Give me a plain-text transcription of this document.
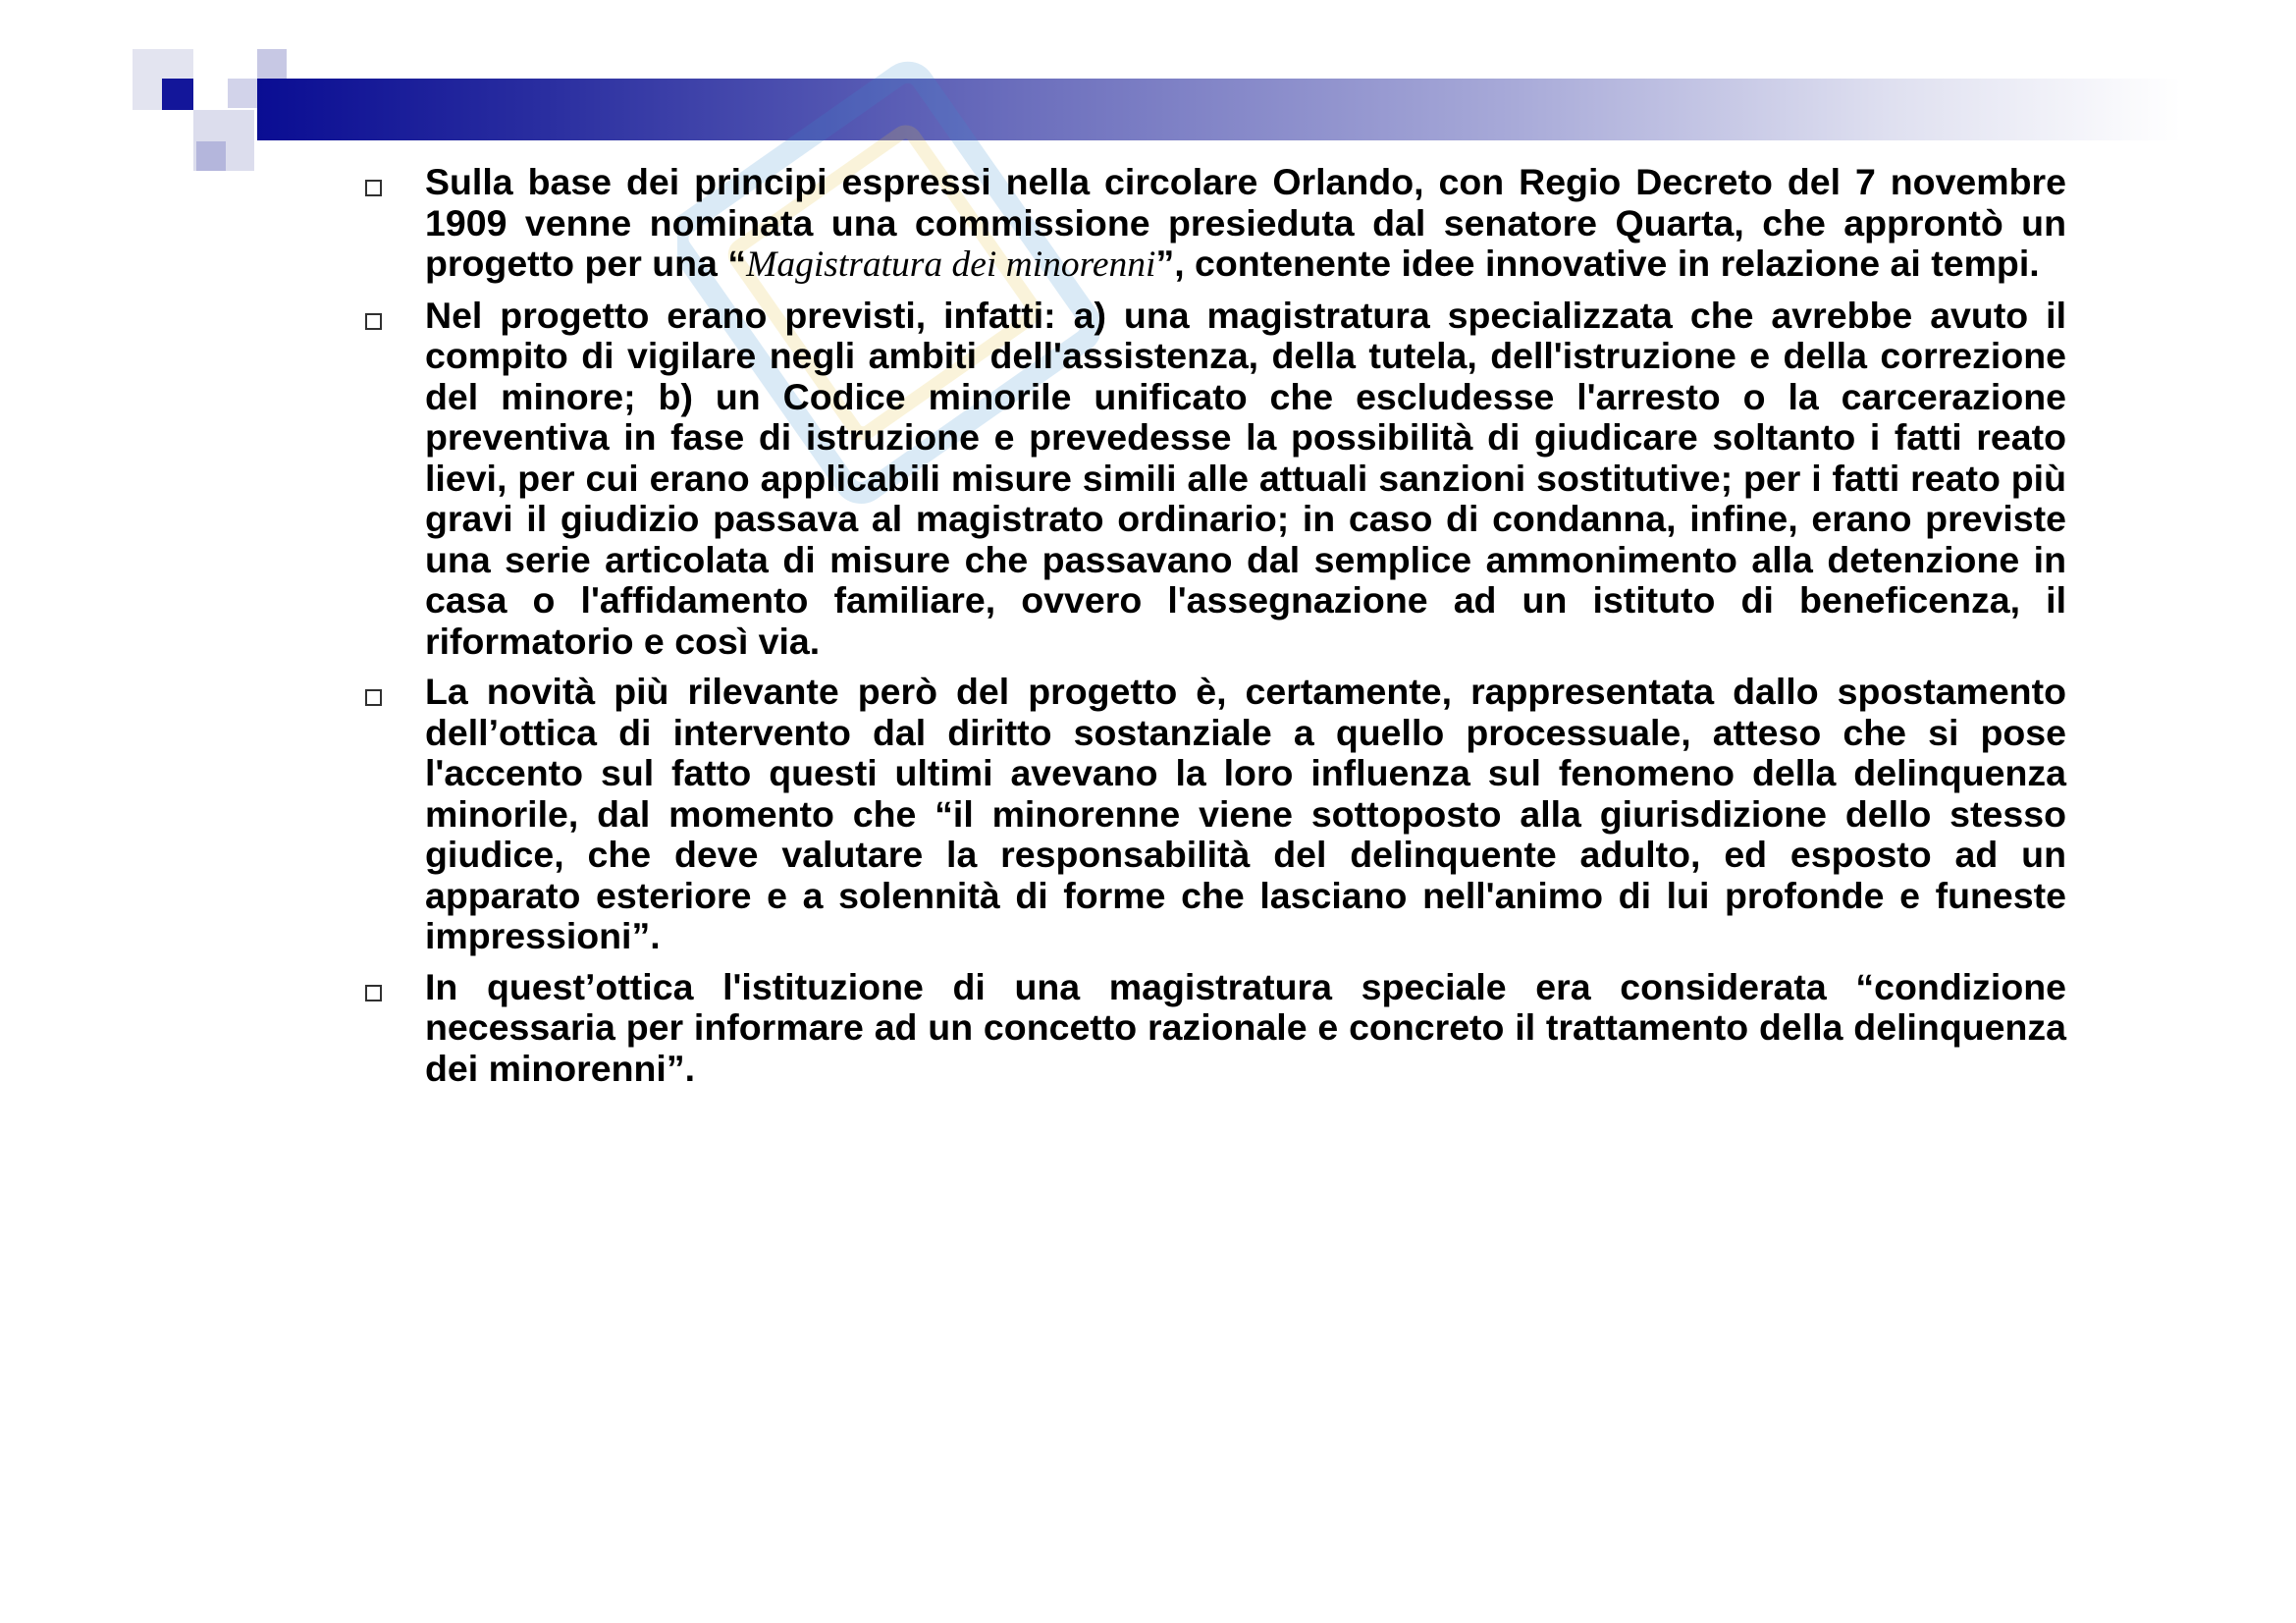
Sulla base dei principi espressi nella circolare Orlando, con Regio Decreto del 7 novembre 1909 venne nominata una commissione presieduta dal senatore Quarta, che approntò un progetto per una “Magistratura dei minorenni”, contenente idee innovative in relazione ai tempi.
Nel progetto erano previsti, infatti: a) una magistratura specializzata che avrebbe avuto il compito di vigilare negli ambiti dell'assistenza, della tutela, dell'istruzione e della correzione del minore; b) un Codice minorile unificato che escludesse l'arresto o la carcerazione preventiva in fase di istruzione e prevedesse la possibilità di giudicare soltanto i fatti reato lievi, per cui erano applicabili misure simili alle attuali sanzioni sostitutive; per i fatti reato più gravi il giudizio passava al magistrato ordinario; in caso di condanna, infine, erano previste una serie articolata di misure che passavano dal semplice ammonimento alla detenzione in casa o l'affidamento familiare, ovvero l'assegnazione ad un istituto di beneficenza, il riformatorio e così via.
La novità più rilevante però del progetto è, certamente, rappresentata dallo spostamento dell’ottica di intervento dal diritto sostanziale a quello processuale, atteso che si pose l'accento sul fatto questi ultimi avevano la loro influenza sul fenomeno della delinquenza minorile, dal momento che “il minorenne viene sottoposto alla giurisdizione dello stesso giudice, che deve valutare la responsabilità del delinquente adulto, ed esposto ad un apparato esteriore e a solennità di forme che lasciano nell'animo di lui profonde e funeste impressioni”.
In quest’ottica l'istituzione di una magistratura speciale era considerata “condizione necessaria per informare ad un concetto razionale e concreto il trattamento della delinquenza dei minorenni”.
